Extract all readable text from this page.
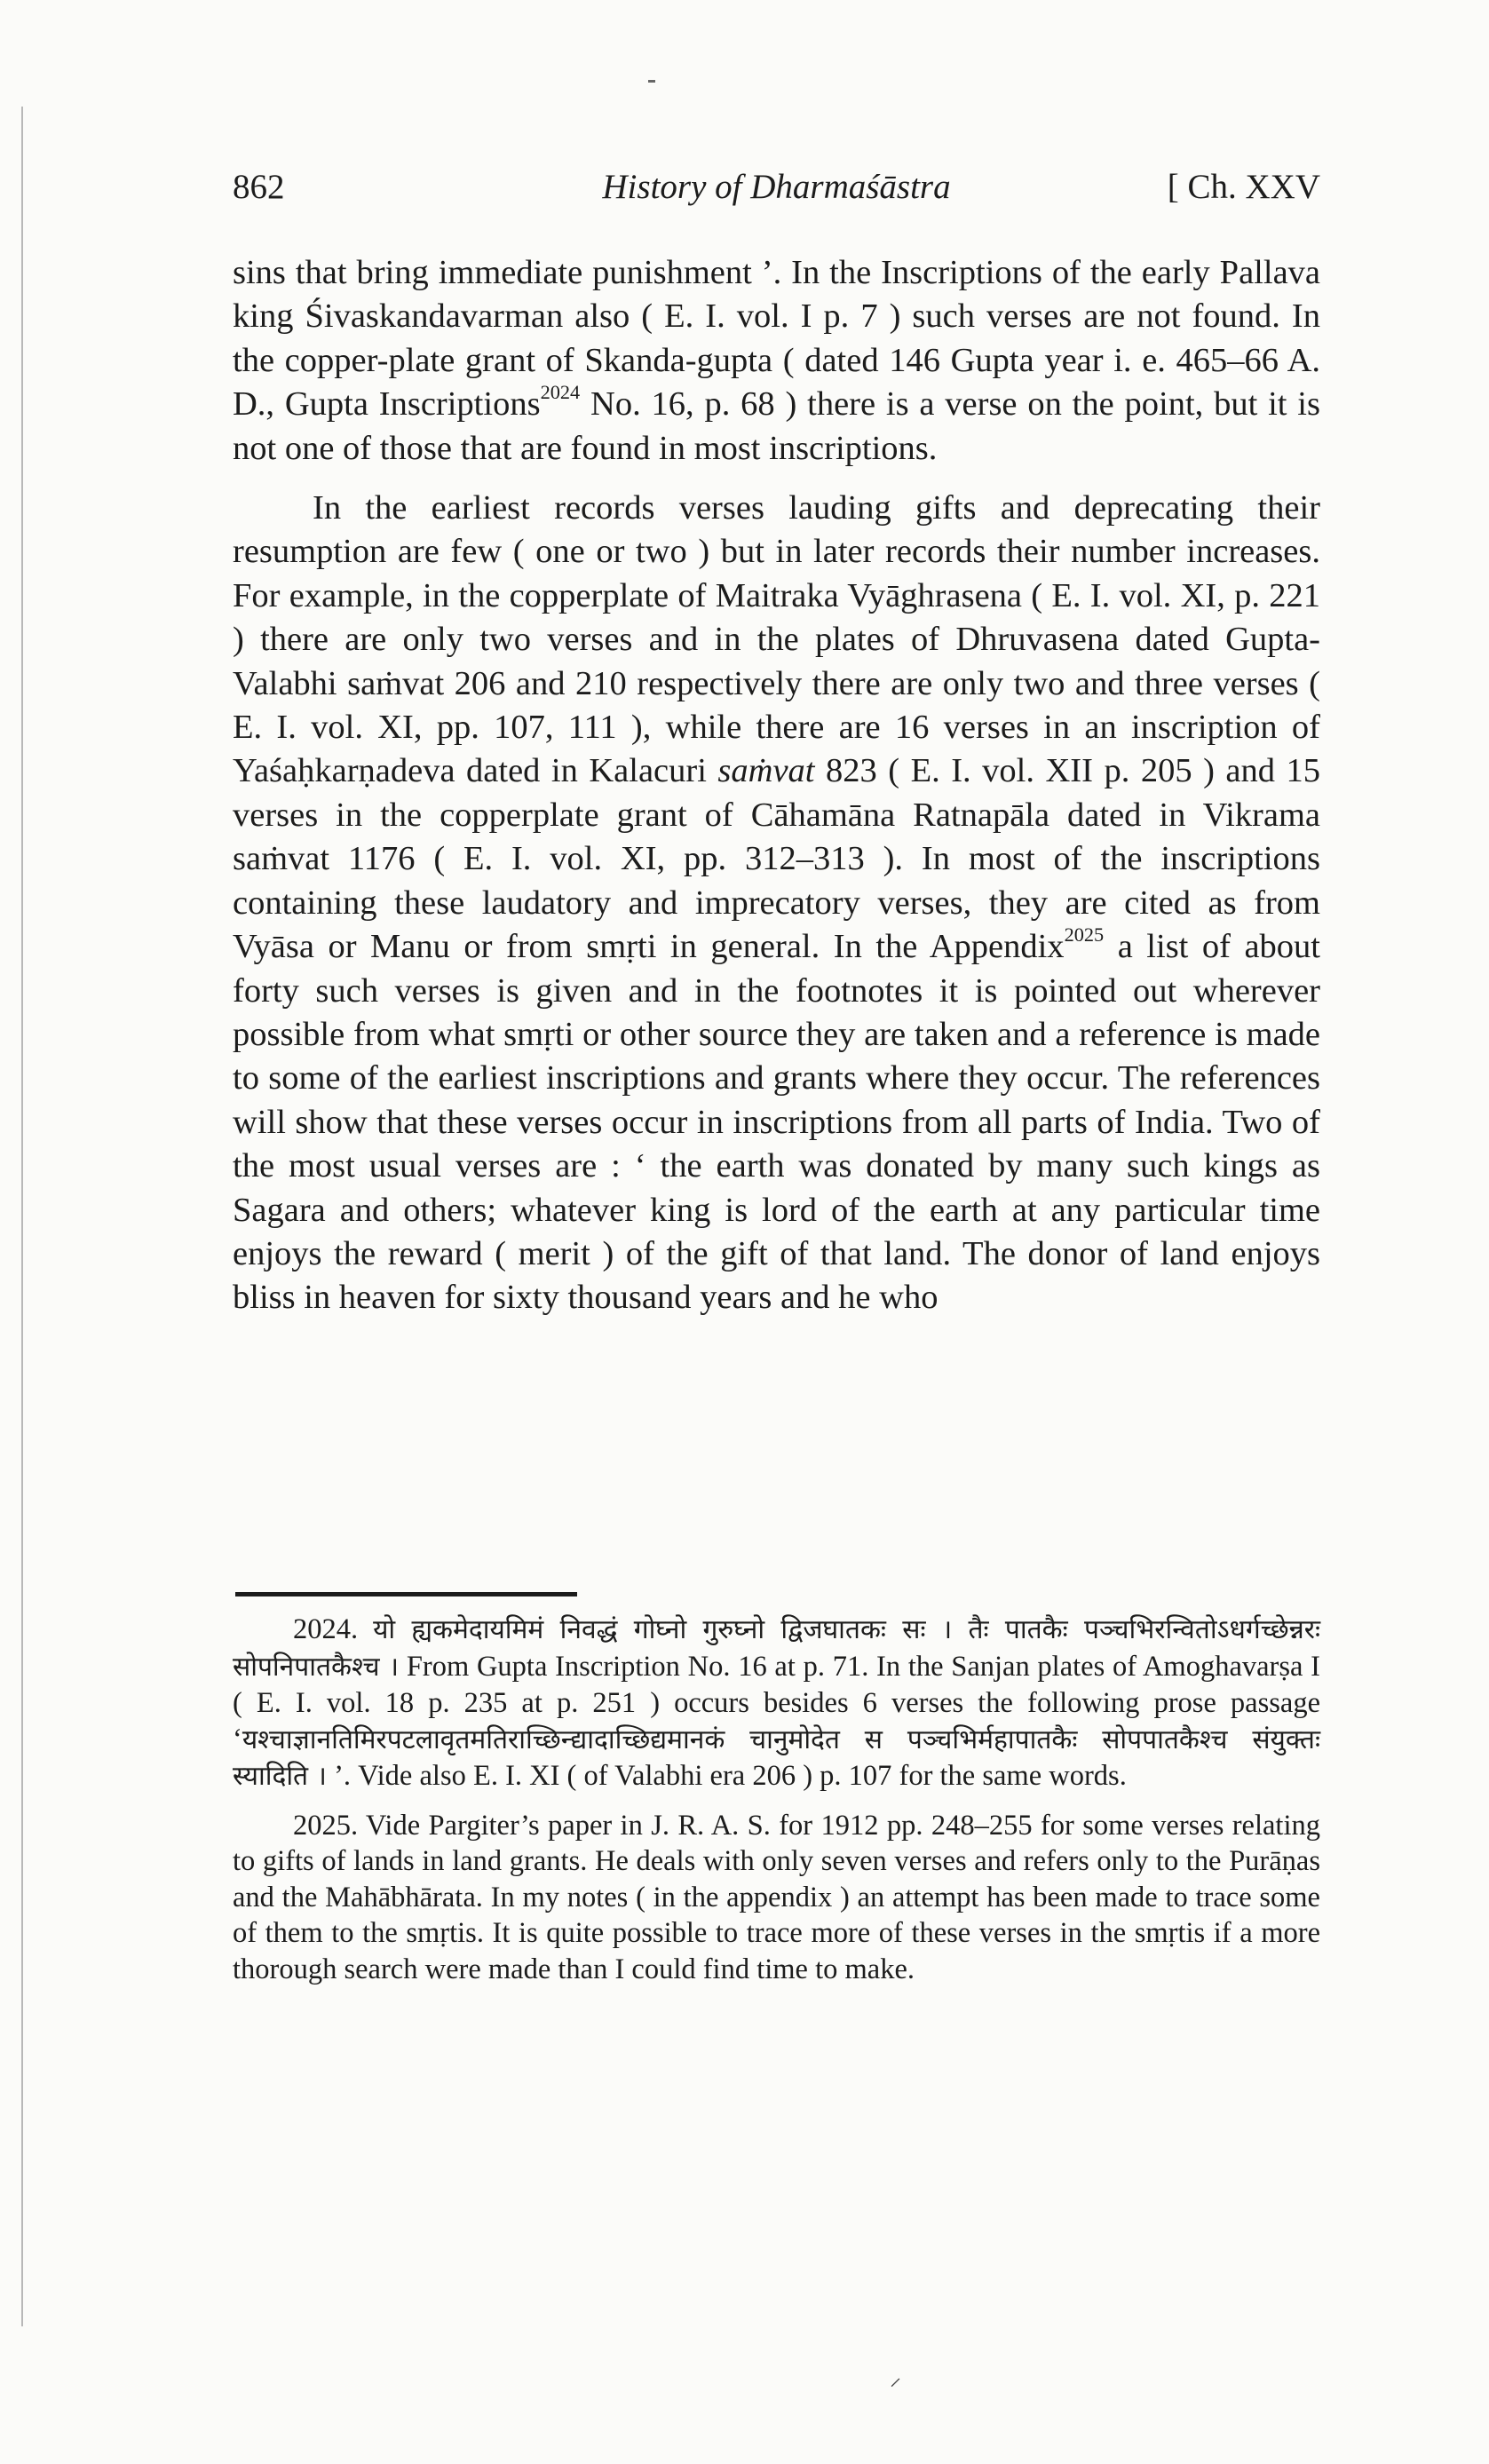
862	History of Dharmaśāstra	[ Ch. XXV

sins that bring immediate punishment ’. In the Inscriptions of the early Pallava king Śivaskandavarman also ( E. I. vol. I p. 7 ) such verses are not found. In the copper-plate grant of Skanda-gupta ( dated 146 Gupta year i. e. 465–66 A. D., Gupta Inscriptions$^{2024}$ No. 16, p. 68 ) there is a verse on the point, but it is not one of those that are found in most inscriptions.

In the earliest records verses lauding gifts and deprecating their resumption are few ( one or two ) but in later records their number increases. For example, in the copperplate of Maitraka Vyāghrasena ( E. I. vol. XI, p. 221 ) there are only two verses and in the plates of Dhruvasena dated Gupta-Valabhi saṁvat 206 and 210 respectively there are only two and three verses ( E. I. vol. XI, pp. 107, 111 ), while there are 16 verses in an inscription of Yaśaḥkarṇadeva dated in Kalacuri saṁvat 823 ( E. I. vol. XII p. 205 ) and 15 verses in the copperplate grant of Cāhamāna Ratnapāla dated in Vikrama saṁvat 1176 ( E. I. vol. XI, pp. 312–313 ). In most of the inscriptions containing these laudatory and imprecatory verses, they are cited as from Vyāsa or Manu or from smṛti in general. In the Appendix$^{2025}$ a list of about forty such verses is given and in the footnotes it is pointed out wherever possible from what smṛti or other source they are taken and a reference is made to some of the earliest inscriptions and grants where they occur. The references will show that these verses occur in inscriptions from all parts of India. Two of the most usual verses are : ‘ the earth was donated by many such kings as Sagara and others; whatever king is lord of the earth at any particular time enjoys the reward ( merit ) of the gift of that land. The donor of land enjoys bliss in heaven for sixty thousand years and he who

2024. यो ह्यकमेदायमिमं निवद्धं गोघ्नो गुरुघ्नो द्विजघातकः सः । तैः पातकैः पञ्चभिरन्वितोऽधर्गच्छेन्नरः सोपनिपातकैश्च । From Gupta Inscription No. 16 at p. 71. In the Sanjan plates of Amoghavarṣa I ( E. I. vol. 18 p. 235 at p. 251 ) occurs besides 6 verses the following prose passage ‘यश्चाज्ञानतिमिरपटलावृतमतिराच्छिन्द्यादाच्छिद्यमानकं चानुमोदेत स पञ्चभिर्महापातकैः सोपपातकैश्च संयुक्तः स्यादिति । ’. Vide also E. I. XI ( of Valabhi era 206 ) p. 107 for the same words.

2025. Vide Pargiter’s paper in J. R. A. S. for 1912 pp. 248–255 for some verses relating to gifts of lands in land grants. He deals with only seven verses and refers only to the Purāṇas and the Mahābhārata. In my notes ( in the appendix ) an attempt has been made to trace some of them to the smṛtis. It is quite possible to trace more of these verses in the smṛtis if a more thorough search were made than I could find time to make.

⸝
